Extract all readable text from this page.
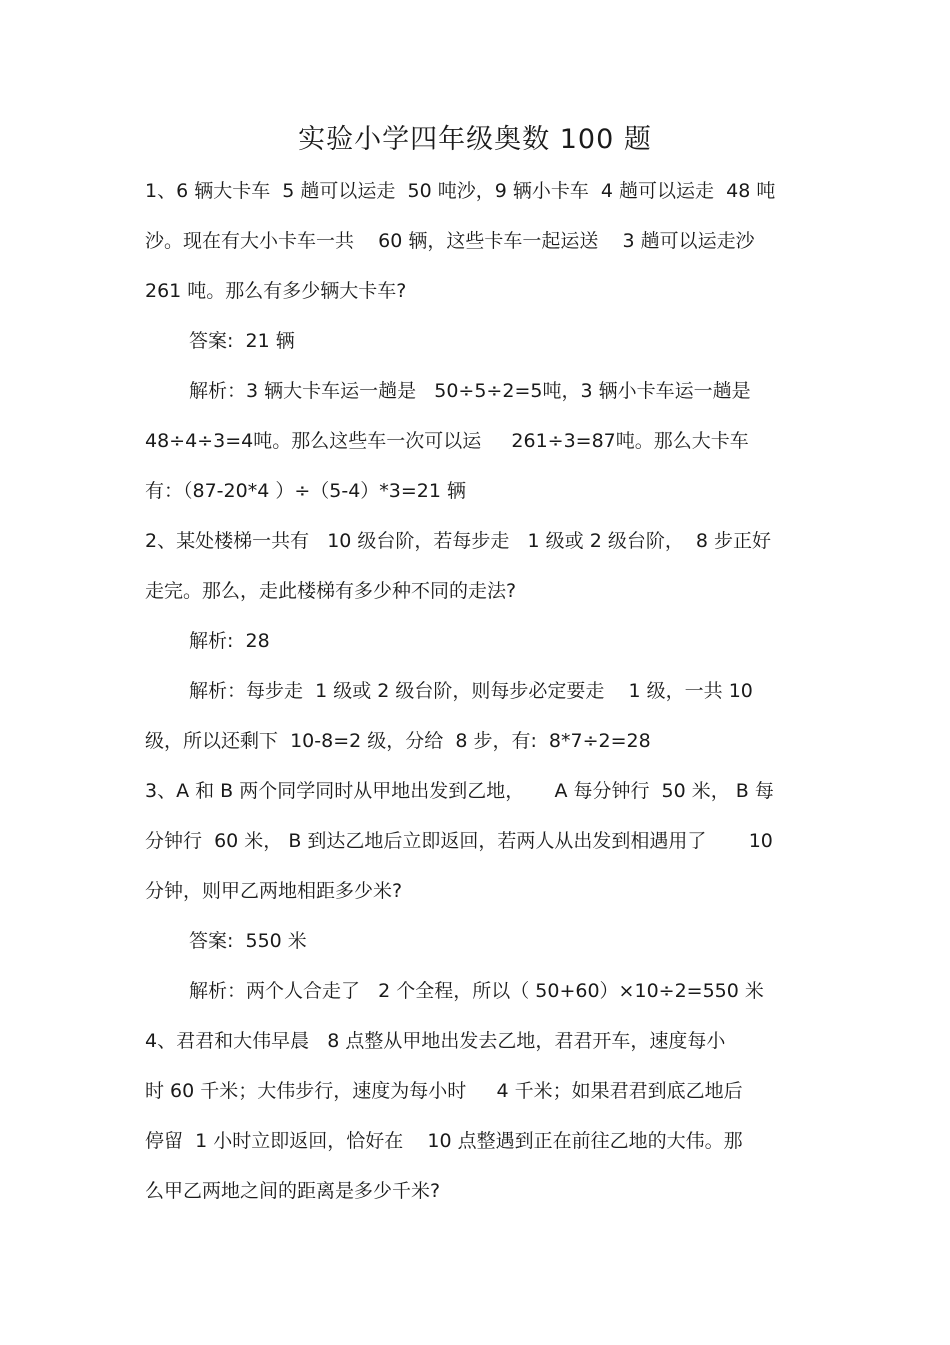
实验小学四年级奥数 100 题
1、6 辆大卡车  5 趟可以运走  50 吨沙，9 辆小卡车  4 趟可以运走  48 吨
沙。现在有大小卡车一共    60 辆，这些卡车一起运送    3 趟可以运走沙
261 吨。那么有多少辆大卡车?
答案:  21 辆
解析：3 辆大卡车运一趟是   50÷5÷2=5吨，3 辆小卡车运一趟是
48÷4÷3=4吨。那么这些车一次可以运     261÷3=87吨。那么大卡车
有：（87-20*4 ）÷（5-4）*3=21 辆
2、某处楼梯一共有   10 级台阶，若每步走   1 级或 2 级台阶，  8 步正好
走完。那么，走此楼梯有多少种不同的走法?
解析:  28
解析：每步走  1 级或 2 级台阶，则每步必定要走    1 级，一共 10
级，所以还剩下  10-8=2 级，分给  8 步，有:  8*7÷2=28
3、A 和 B 两个同学同时从甲地出发到乙地，     A 每分钟行  50 米， B 每
分钟行  60 米， B 到达乙地后立即返回，若两人从出发到相遇用了       10
分钟，则甲乙两地相距多少米?
答案:  550 米
解析：两个人合走了   2 个全程，所以（ 50+60）×10÷2=550 米
4、君君和大伟早晨   8 点整从甲地出发去乙地，君君开车，速度每小
时 60 千米；大伟步行，速度为每小时     4 千米；如果君君到底乙地后
停留  1 小时立即返回，恰好在    10 点整遇到正在前往乙地的大伟。那
么甲乙两地之间的距离是多少千米?
